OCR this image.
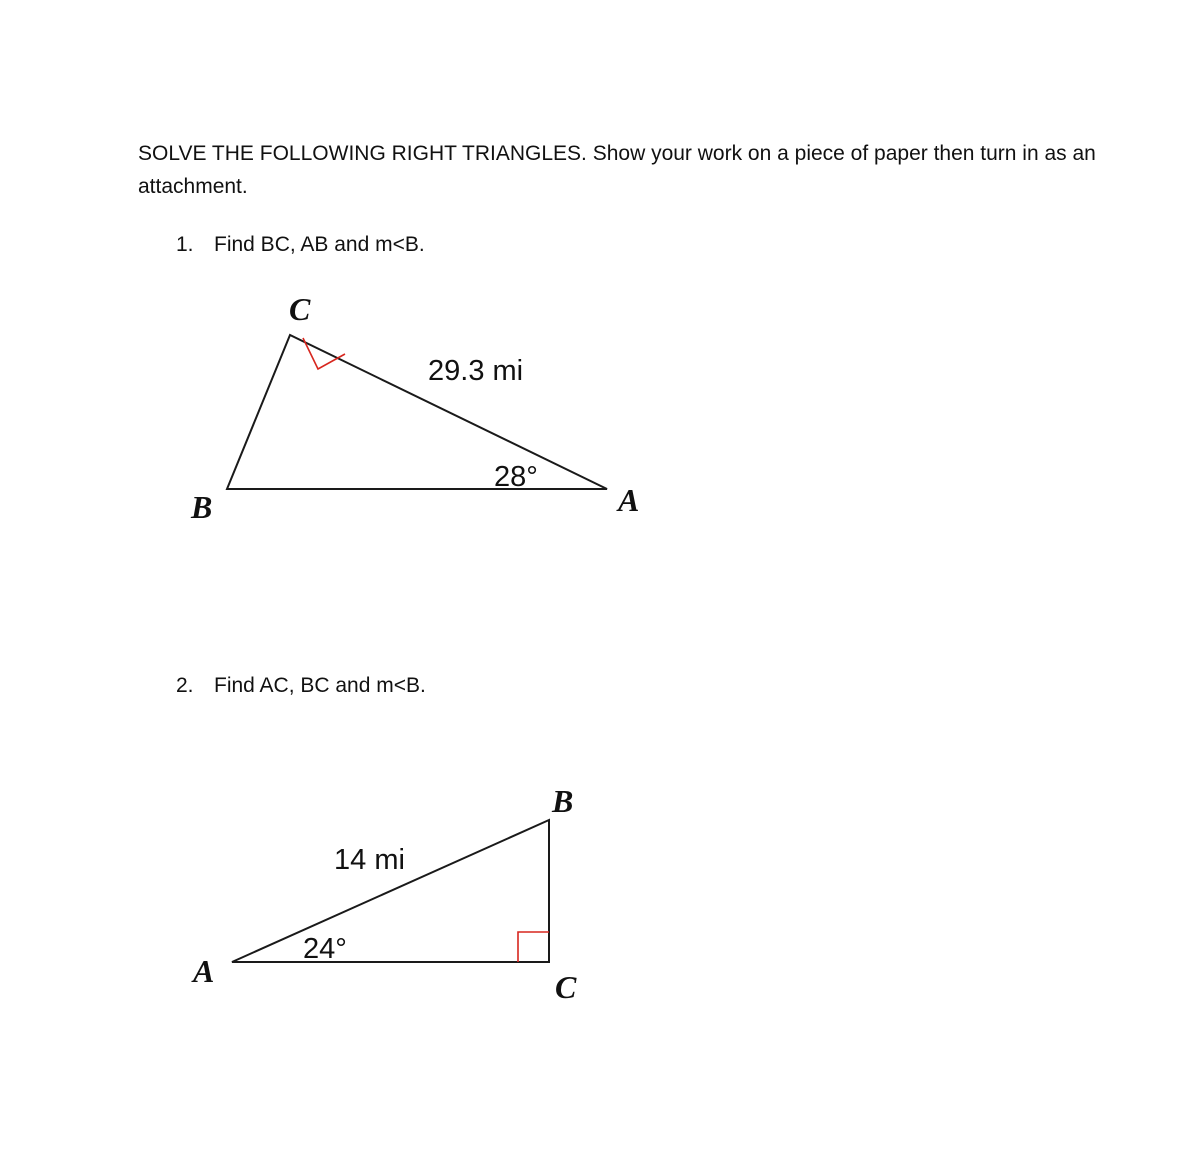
SOLVE THE FOLLOWING RIGHT TRIANGLES. Show your work on a piece of paper then turn in as an attachment.

1. Find BC, AB and m<B.
C
B	A
29.3 mi
28°
2. Find AC, BC and m<B.
B
A	C
14 mi
24°
